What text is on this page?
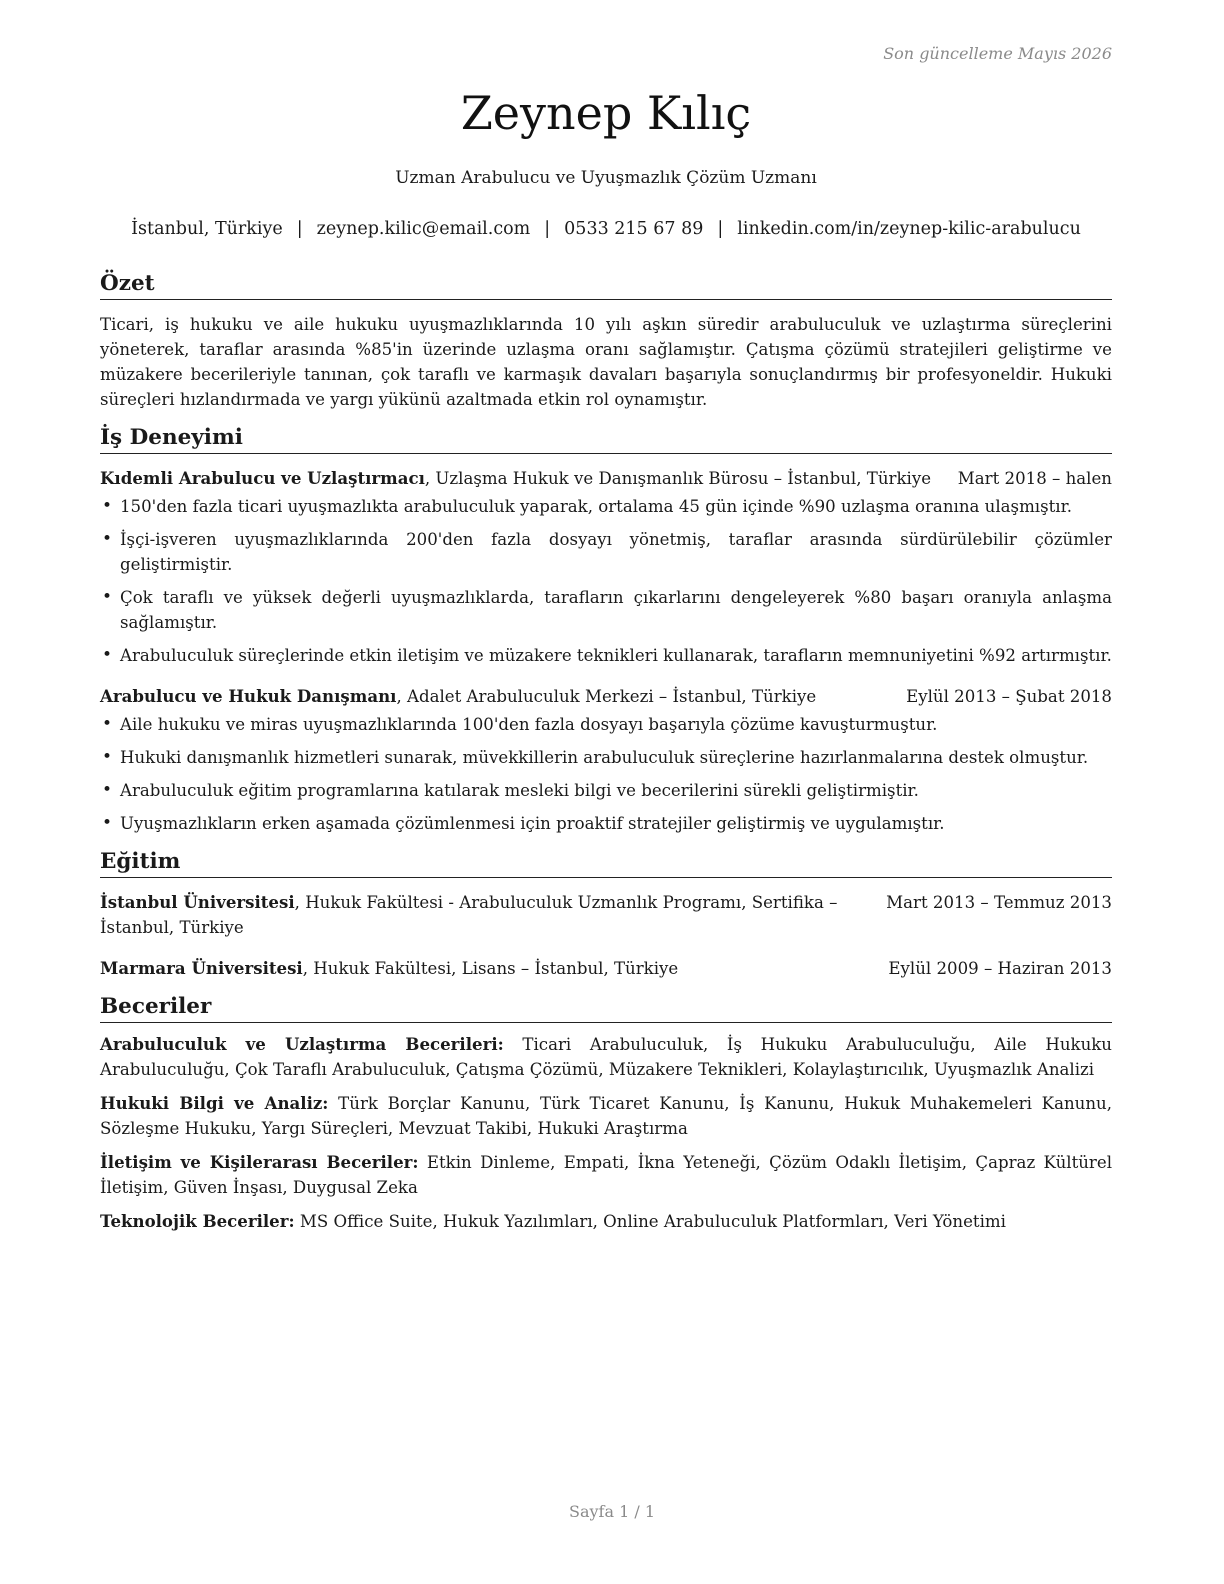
Son güncelleme Mayıs 2026
Zeynep Kılıç
Uzman Arabulucu ve Uyuşmazlık Çözüm Uzmanı
İstanbul, Türkiye | zeynep.kilic@email.com | 0533 215 67 89 | linkedin.com/in/zeynep-kilic-arabulucu
Özet

Ticari, iş hukuku ve aile hukuku uyuşmazlıklarında 10 yılı aşkın süredir arabuluculuk ve uzlaştırma süreçlerini yöneterek, taraflar arasında %85'in üzerinde uzlaşma oranı sağlamıştır. Çatışma çözümü stratejileri geliştirme ve müzakere becerileriyle tanınan, çok taraflı ve karmaşık davaları başarıyla sonuçlandırmış bir profesyoneldir. Hukuki süreçleri hızlandırmada ve yargı yükünü azaltmada etkin rol oynamıştır.

İş Deneyimi
Kıdemli Arabulucu ve Uzlaştırmacı, Uzlaşma Hukuk ve Danışmanlık Bürosu – İstanbul, Türkiye	Mart 2018 – halen
• 150'den fazla ticari uyuşmazlıkta arabuluculuk yaparak, ortalama 45 gün içinde %90 uzlaşma oranına ulaşmıştır.
• İşçi-işveren uyuşmazlıklarında 200'den fazla dosyayı yönetmiş, taraflar arasında sürdürülebilir çözümler geliştirmiştir.
• Çok taraflı ve yüksek değerli uyuşmazlıklarda, tarafların çıkarlarını dengeleyerek %80 başarı oranıyla anlaşma sağlamıştır.
• Arabuluculuk süreçlerinde etkin iletişim ve müzakere teknikleri kullanarak, tarafların memnuniyetini %92 artırmıştır.
Arabulucu ve Hukuk Danışmanı, Adalet Arabuluculuk Merkezi – İstanbul, Türkiye	Eylül 2013 – Şubat 2018
• Aile hukuku ve miras uyuşmazlıklarında 100'den fazla dosyayı başarıyla çözüme kavuşturmuştur.
• Hukuki danışmanlık hizmetleri sunarak, müvekkillerin arabuluculuk süreçlerine hazırlanmalarına destek olmuştur.
• Arabuluculuk eğitim programlarına katılarak mesleki bilgi ve becerilerini sürekli geliştirmiştir.
• Uyuşmazlıkların erken aşamada çözümlenmesi için proaktif stratejiler geliştirmiş ve uygulamıştır.
Eğitim
İstanbul Üniversitesi, Hukuk Fakültesi - Arabuluculuk Uzmanlık Programı, Sertifika – İstanbul, Türkiye
Mart 2013 – Temmuz 2013
Marmara Üniversitesi, Hukuk Fakültesi, Lisans – İstanbul, Türkiye	Eylül 2009 – Haziran 2013
Beceriler
Arabuluculuk ve Uzlaştırma Becerileri: Ticari Arabuluculuk, İş Hukuku Arabuluculuğu, Aile Hukuku Arabuluculuğu, Çok Taraflı Arabuluculuk, Çatışma Çözümü, Müzakere Teknikleri, Kolaylaştırıcılık, Uyuşmazlık Analizi
Hukuki Bilgi ve Analiz: Türk Borçlar Kanunu, Türk Ticaret Kanunu, İş Kanunu, Hukuk Muhakemeleri Kanunu, Sözleşme Hukuku, Yargı Süreçleri, Mevzuat Takibi, Hukuki Araştırma
İletişim ve Kişilerarası Beceriler: Etkin Dinleme, Empati, İkna Yeteneği, Çözüm Odaklı İletişim, Çapraz Kültürel İletişim, Güven İnşası, Duygusal Zeka
Teknolojik Beceriler: MS Office Suite, Hukuk Yazılımları, Online Arabuluculuk Platformları, Veri Yönetimi
Sayfa 1 / 1
